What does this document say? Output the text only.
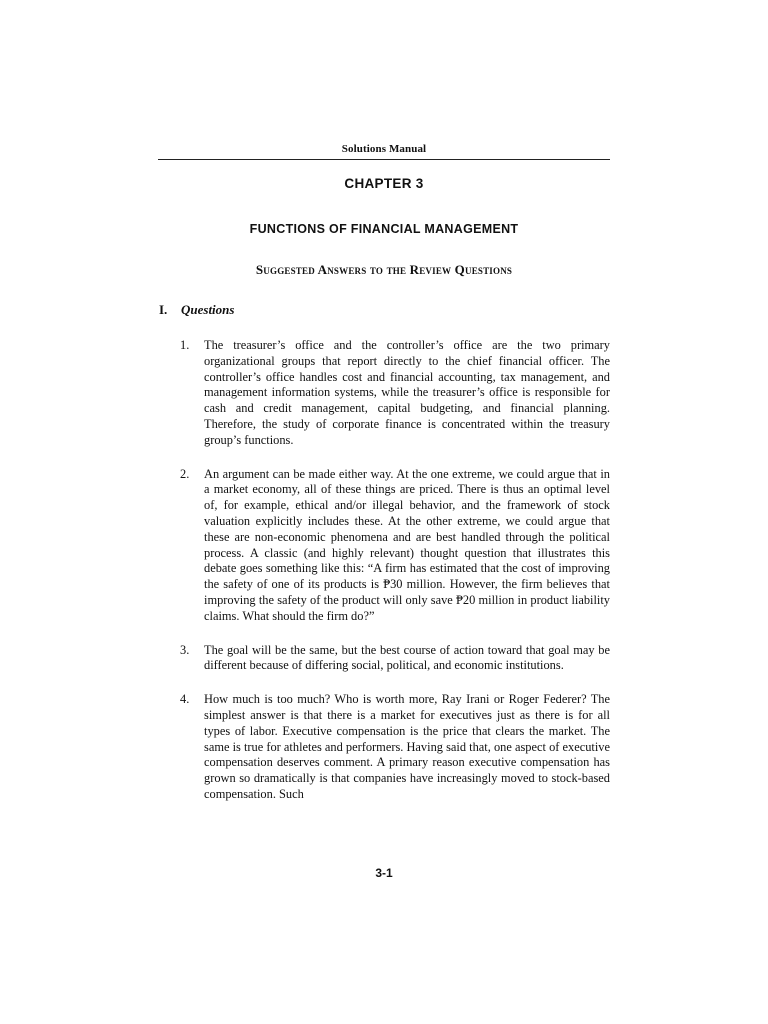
Solutions Manual
CHAPTER 3
FUNCTIONS OF FINANCIAL MANAGEMENT
Suggested Answers to the Review Questions
I. Questions
1. The treasurer’s office and the controller’s office are the two primary organizational groups that report directly to the chief financial officer. The controller’s office handles cost and financial accounting, tax management, and management information systems, while the treasurer’s office is responsible for cash and credit management, capital budgeting, and financial planning. Therefore, the study of corporate finance is concentrated within the treasury group’s functions.
2. An argument can be made either way. At the one extreme, we could argue that in a market economy, all of these things are priced. There is thus an optimal level of, for example, ethical and/or illegal behavior, and the framework of stock valuation explicitly includes these. At the other extreme, we could argue that these are non-economic phenomena and are best handled through the political process. A classic (and highly relevant) thought question that illustrates this debate goes something like this: “A firm has estimated that the cost of improving the safety of one of its products is ₱30 million. However, the firm believes that improving the safety of the product will only save ₱20 million in product liability claims. What should the firm do?”
3. The goal will be the same, but the best course of action toward that goal may be different because of differing social, political, and economic institutions.
4. How much is too much? Who is worth more, Ray Irani or Roger Federer? The simplest answer is that there is a market for executives just as there is for all types of labor. Executive compensation is the price that clears the market. The same is true for athletes and performers. Having said that, one aspect of executive compensation deserves comment. A primary reason executive compensation has grown so dramatically is that companies have increasingly moved to stock-based compensation. Such
3-1
